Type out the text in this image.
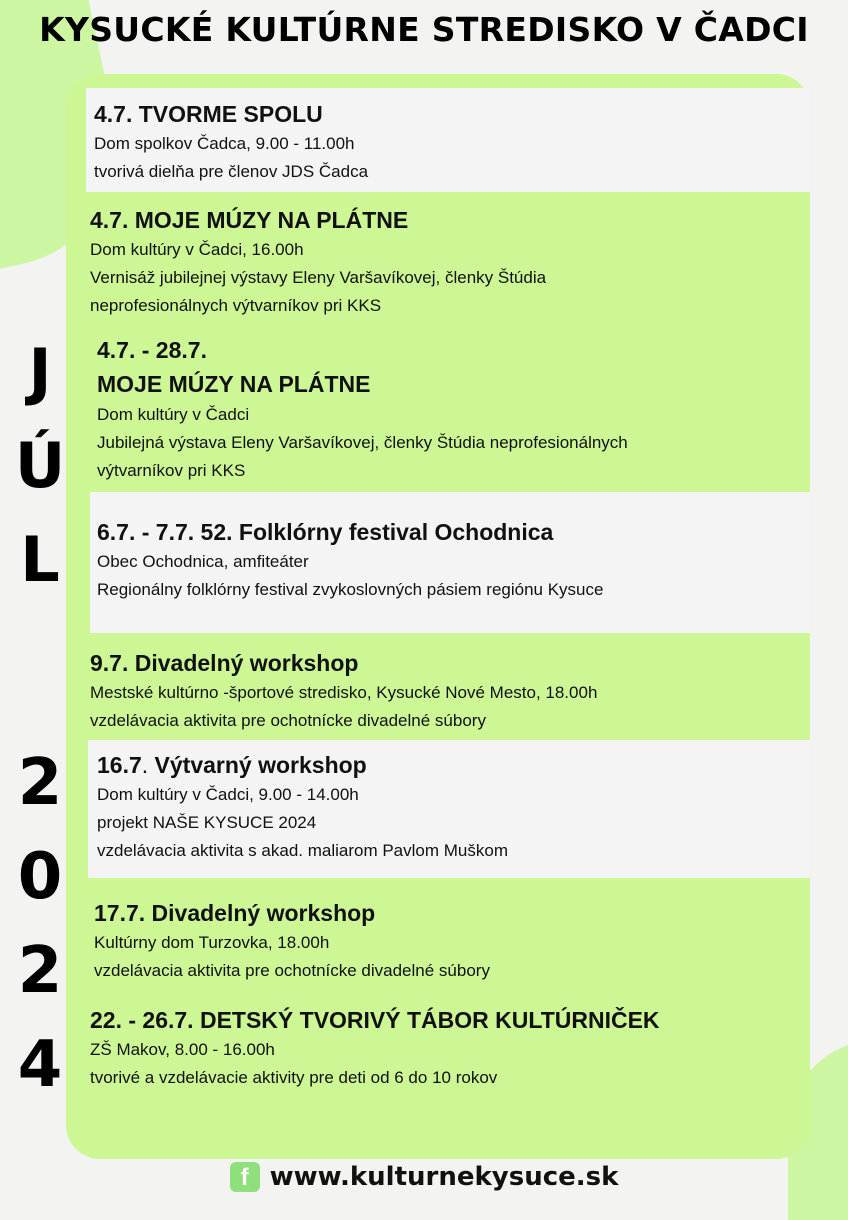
KYSUCKÉ KULTÚRNE STREDISKO V ČADCI
J
Ú
L
2
0
2
4
4.7. TVORME SPOLU

Dom spolkov Čadca, 9.00 - 11.00h

tvorivá dielňa pre členov JDS Čadca

4.7. MOJE MÚZY NA PLÁTNE

Dom kultúry v Čadci, 16.00h

Vernisáž jubilejnej výstavy Eleny Varšavíkovej, členky Štúdia

neprofesionálnych výtvarníkov pri KKS

4.7. - 28.7.
MOJE MÚZY NA PLÁTNE

Dom kultúry v Čadci

Jubilejná výstava Eleny Varšavíkovej, členky Štúdia neprofesionálnych

výtvarníkov pri KKS

6.7. - 7.7. 52. Folklórny festival Ochodnica

Obec Ochodnica, amfiteáter

Regionálny folklórny festival zvykoslovných pásiem regiónu Kysuce

9.7. Divadelný workshop

Mestské kultúrno -športové stredisko, Kysucké Nové Mesto, 18.00h

vzdelávacia aktivita pre ochotnícke divadelné súbory

16.7. Výtvarný workshop

Dom kultúry v Čadci, 9.00 - 14.00h

projekt NAŠE KYSUCE 2024

vzdelávacia aktivita s akad. maliarom Pavlom Muškom

17.7. Divadelný workshop

Kultúrny dom Turzovka, 18.00h

vzdelávacia aktivita pre ochotnícke divadelné súbory

22. - 26.7. DETSKÝ TVORIVÝ TÁBOR KULTÚRNIČEK

ZŠ Makov, 8.00 - 16.00h

tvorivé a vzdelávacie aktivity pre deti od 6 do 10 rokov

f www.kulturnekysuce.sk
